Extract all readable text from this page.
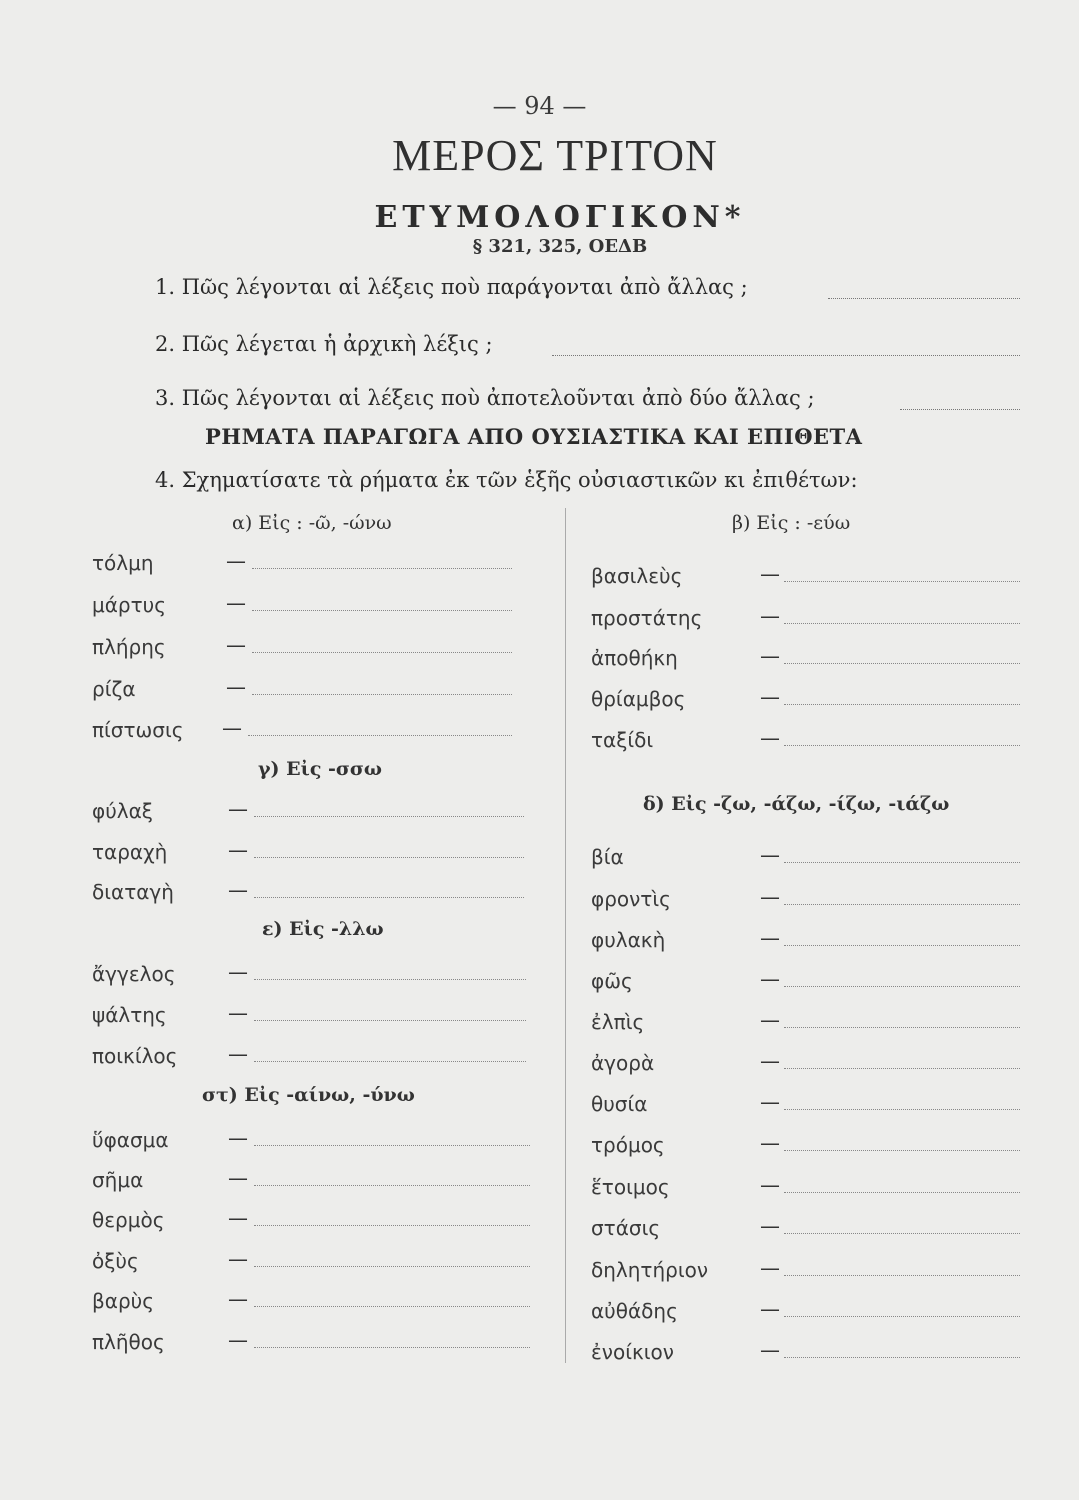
— 94 —
ΜΕΡΟΣ ΤΡΙΤΟΝ
ΕΤΥΜΟΛΟΓΙΚΟΝ*
§ 321, 325, ΟΕΔΒ
1. Πῶς λέγονται αἱ λέξεις ποὺ παράγονται ἀπὸ ἄλλας ;
2. Πῶς λέγεται ἡ ἀρχικὴ λέξις ;
3. Πῶς λέγονται αἱ λέξεις ποὺ ἀποτελοῦνται ἀπὸ δύο ἄλλας ;
ΡΗΜΑΤΑ ΠΑΡΑΓΩΓΑ ΑΠΟ ΟΥΣΙΑΣΤΙΚΑ ΚΑΙ ΕΠΙΘΕΤΑ
4. Σχηματίσατε τὰ ρήματα ἐκ τῶν ἑξῆς οὐσιαστικῶν κι ἐπιθέτων:
α) Εἰς : -ῶ, -ώνω	β) Εἰς : -εύω
γ) Εἰς -σσω
δ) Εἰς -ζω, -άζω, -ίζω, -ιάζω
ε) Εἰς -λλω
στ) Εἰς -αίνω, -ύνω
τόλμη	—
μάρτυς	—
πλήρης	—
ρίζα	—
πίστωσις —
φύλαξ	—
ταραχὴ	—
διαταγὴ	—
ἄγγελος	—
ψάλτης	—
ποικίλος	—
ὕφασμα	—
σῆμα	—
θερμὸς	—
ὀξὺς	—
βαρὺς	—
πλῆθος	—
βασιλεὺς	—
προστάτης	—
ἀποθήκη	—
θρίαμβος	—
ταξίδι	—
βία	—
φροντὶς	—
φυλακὴ	—
φῶς	—
ἐλπὶς	—
ἀγορὰ	—
θυσία	—
τρόμος	—
ἕτοιμος	—
στάσις	—
δηλητήριον	—
αὐθάδης	—
ἐνοίκιον	—
